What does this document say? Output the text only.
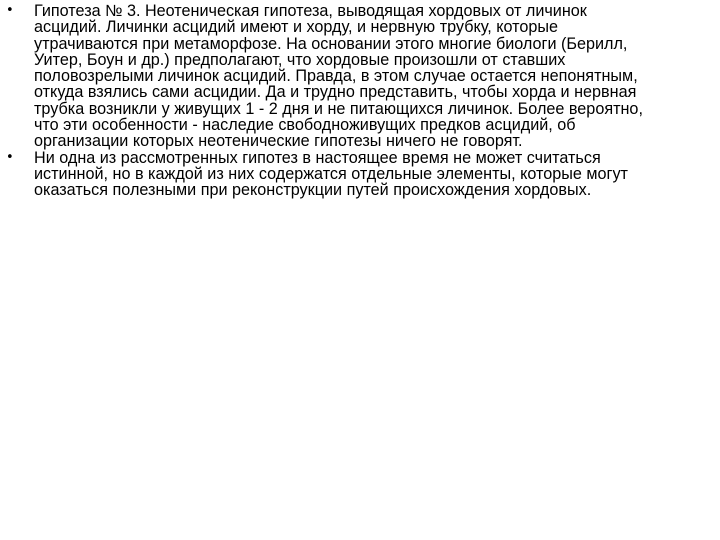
•	Гипотеза № 3. Неотеническая гипотеза, выводящая хордовых от личинок
асцидий. Личинки асцидий имеют и хорду, и нервную трубку, которые
утрачиваются при метаморфозе. На основании этого многие биологи (Берилл,
Уитер, Боун и др.) предполагают, что хордовые произошли от ставших
половозрелыми личинок асцидий. Правда, в этом случае остается непонятным,
откуда взялись сами асцидии. Да и трудно представить, чтобы хорда и нервная
трубка возникли у живущих 1 - 2 дня и не питающихся личинок. Более вероятно,
что эти особенности - наследие свободноживущих предков асцидий, об
организации которых неотенические гипотезы ничего не говорят.
•	Ни одна из рассмотренных гипотез в настоящее время не может считаться
истинной, но в каждой из них содержатся отдельные элементы, которые могут
оказаться полезными при реконструкции путей происхождения хордовых.
